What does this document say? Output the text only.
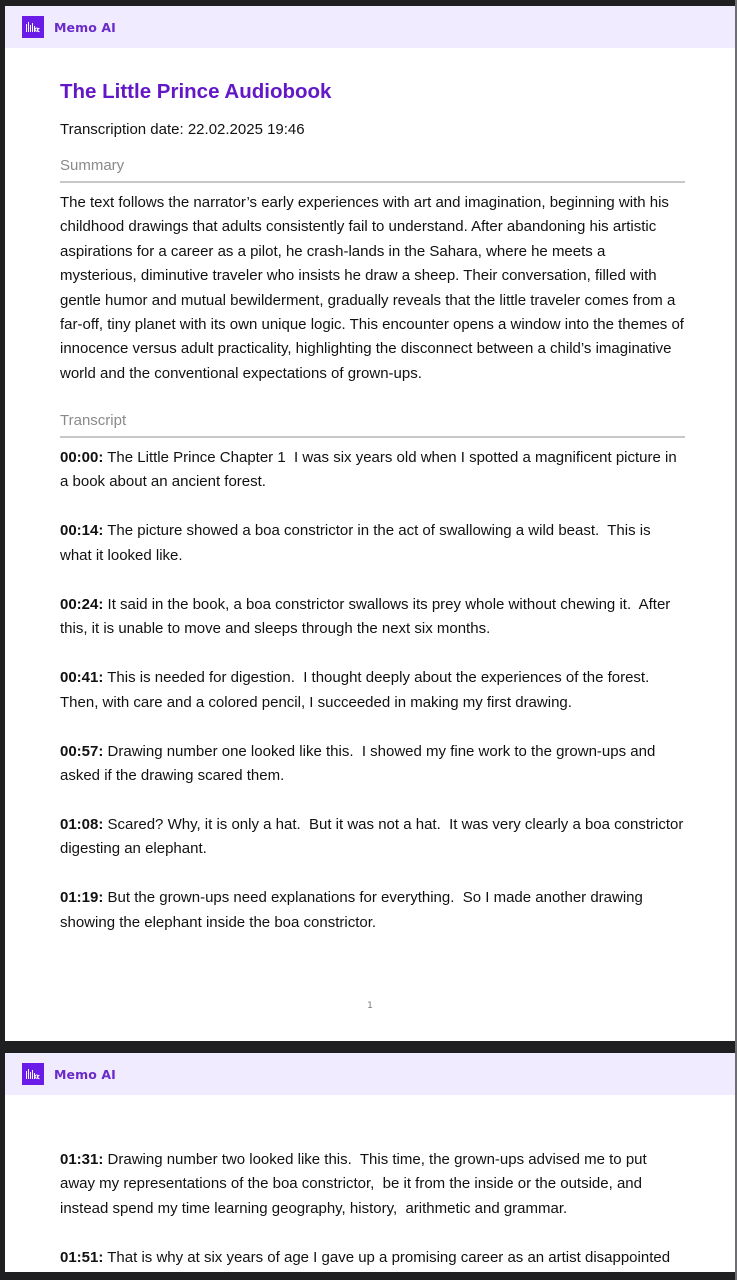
Memo AI
The Little Prince Audiobook
Transcription date: 22.02.2025 19:46
Summary

The text follows the narrator’s early experiences with art and imagination, beginning with his childhood drawings that adults consistently fail to understand. After abandoning his artistic aspirations for a career as a pilot, he crash-lands in the Sahara, where he meets a mysterious, diminutive traveler who insists he draw a sheep. Their conversation, filled with gentle humor and mutual bewilderment, gradually reveals that the little traveler comes from a far-off, tiny planet with its own unique logic. This encounter opens a window into the themes of innocence versus adult practicality, highlighting the disconnect between a child’s imaginative world and the conventional expectations of grown-ups.

Transcript

00:00: The Little Prince Chapter 1  I was six years old when I spotted a magnificent picture in a book about an ancient forest.

00:14: The picture showed a boa constrictor in the act of swallowing a wild beast.  This is what it looked like.

00:24: It said in the book, a boa constrictor swallows its prey whole without chewing it.  After this, it is unable to move and sleeps through the next six months.

00:41: This is needed for digestion.  I thought deeply about the experiences of the forest. Then, with care and a colored pencil, I succeeded in making my first drawing.

00:57: Drawing number one looked like this.  I showed my fine work to the grown-ups and asked if the drawing scared them.

01:08: Scared? Why, it is only a hat.  But it was not a hat.  It was very clearly a boa constrictor digesting an elephant.

01:19: But the grown-ups need explanations for everything.  So I made another drawing showing the elephant inside the boa constrictor.

1
Memo AI

01:31: Drawing number two looked like this.  This time, the grown-ups advised me to put away my representations of the boa constrictor,  be it from the inside or the outside, and instead spend my time learning geography, history,  arithmetic and grammar.

01:51: That is why at six years of age I gave up a promising career as an artist disappointed
